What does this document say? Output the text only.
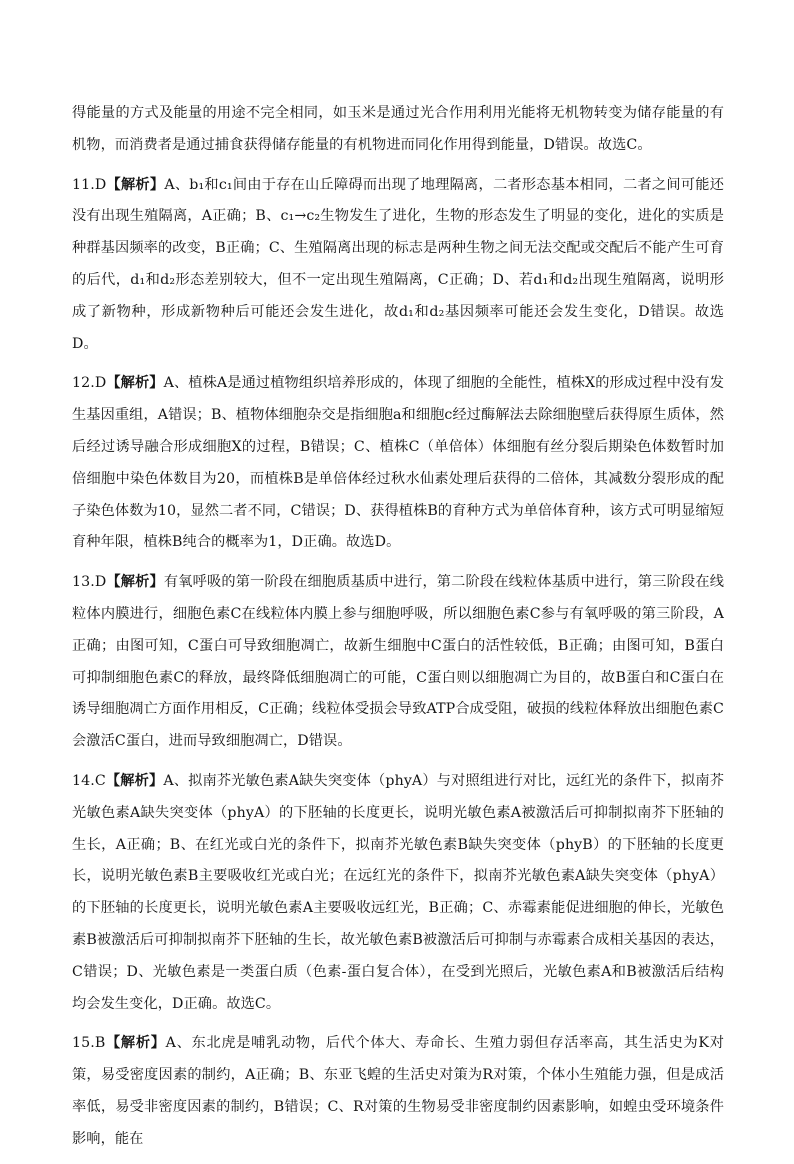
得能量的方式及能量的用途不完全相同，如玉米是通过光合作用利用光能将无机物转变为储存能量的有机物，而消费者是通过捕食获得储存能量的有机物进而同化作用得到能量，D错误。故选C。

11.D【解析】A、b₁和c₁间由于存在山丘障碍而出现了地理隔离，二者形态基本相同，二者之间可能还没有出现生殖隔离，A正确；B、c₁→c₂生物发生了进化，生物的形态发生了明显的变化，进化的实质是种群基因频率的改变，B正确；C、生殖隔离出现的标志是两种生物之间无法交配或交配后不能产生可育的后代，d₁和d₂形态差别较大，但不一定出现生殖隔离，C正确；D、若d₁和d₂出现生殖隔离，说明形成了新物种，形成新物种后可能还会发生进化，故d₁和d₂基因频率可能还会发生变化，D错误。故选D。

12.D【解析】A、植株A是通过植物组织培养形成的，体现了细胞的全能性，植株X的形成过程中没有发生基因重组，A错误；B、植物体细胞杂交是指细胞a和细胞c经过酶解法去除细胞壁后获得原生质体，然后经过诱导融合形成细胞X的过程，B错误；C、植株C（单倍体）体细胞有丝分裂后期染色体数暂时加倍细胞中染色体数目为20，而植株B是单倍体经过秋水仙素处理后获得的二倍体，其减数分裂形成的配子染色体数为10，显然二者不同，C错误；D、获得植株B的育种方式为单倍体育种，该方式可明显缩短育种年限，植株B纯合的概率为1，D正确。故选D。

13.D【解析】有氧呼吸的第一阶段在细胞质基质中进行，第二阶段在线粒体基质中进行，第三阶段在线粒体内膜进行，细胞色素C在线粒体内膜上参与细胞呼吸，所以细胞色素C参与有氧呼吸的第三阶段，A正确；由图可知，C蛋白可导致细胞凋亡，故新生细胞中C蛋白的活性较低，B正确；由图可知，B蛋白可抑制细胞色素C的释放，最终降低细胞凋亡的可能，C蛋白则以细胞凋亡为目的，故B蛋白和C蛋白在诱导细胞凋亡方面作用相反，C正确；线粒体受损会导致ATP合成受阻，破损的线粒体释放出细胞色素C会激活C蛋白，进而导致细胞凋亡，D错误。

14.C【解析】A、拟南芥光敏色素A缺失突变体（phyA）与对照组进行对比，远红光的条件下，拟南芥光敏色素A缺失突变体（phyA）的下胚轴的长度更长，说明光敏色素A被激活后可抑制拟南芥下胚轴的生长，A正确；B、在红光或白光的条件下，拟南芥光敏色素B缺失突变体（phyB）的下胚轴的长度更长，说明光敏色素B主要吸收红光或白光；在远红光的条件下，拟南芥光敏色素A缺失突变体（phyA）的下胚轴的长度更长，说明光敏色素A主要吸收远红光，B正确；C、赤霉素能促进细胞的伸长，光敏色素B被激活后可抑制拟南芥下胚轴的生长，故光敏色素B被激活后可抑制与赤霉素合成相关基因的表达，C错误；D、光敏色素是一类蛋白质（色素-蛋白复合体），在受到光照后，光敏色素A和B被激活后结构均会发生变化，D正确。故选C。

15.B【解析】A、东北虎是哺乳动物，后代个体大、寿命长、生殖力弱但存活率高，其生活史为K对策，易受密度因素的制约，A正确；B、东亚飞蝗的生活史对策为R对策，个体小生殖能力强，但是成活率低，易受非密度因素的制约，B错误；C、R对策的生物易受非密度制约因素影响，如蝗虫受环境条件影响，能在
